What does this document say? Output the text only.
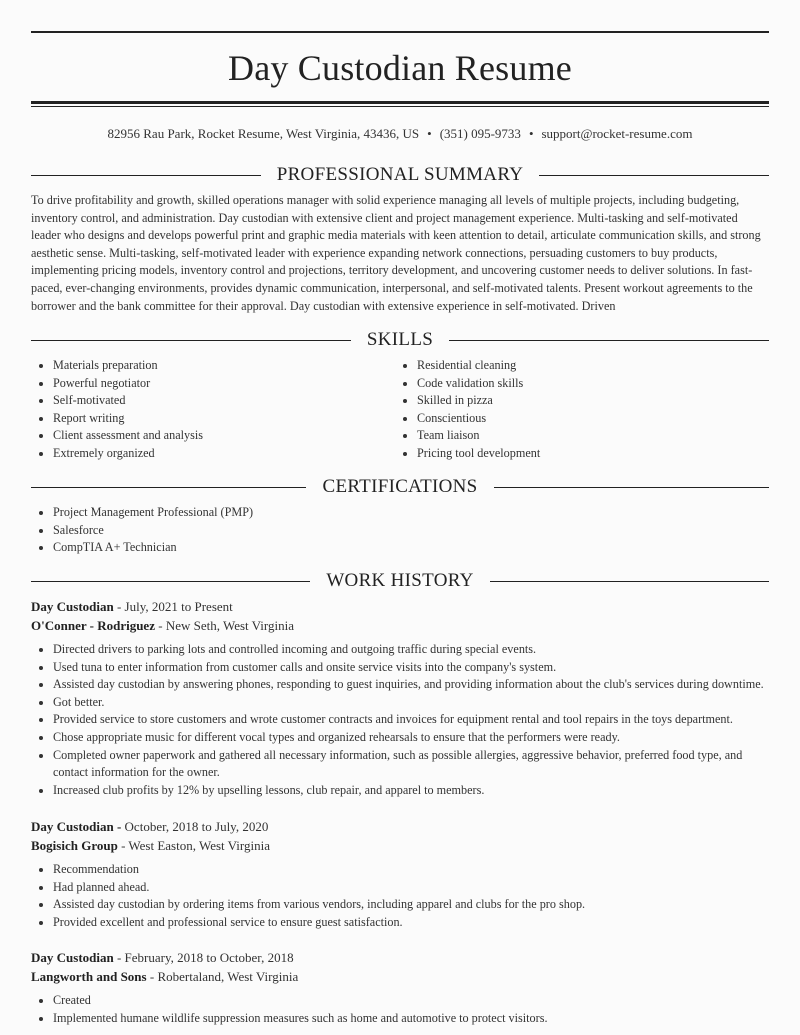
Day Custodian Resume
82956 Rau Park, Rocket Resume, West Virginia, 43436, US • (351) 095-9733 • support@rocket-resume.com
PROFESSIONAL SUMMARY
To drive profitability and growth, skilled operations manager with solid experience managing all levels of multiple projects, including budgeting, inventory control, and administration. Day custodian with extensive client and project management experience. Multi-tasking and self-motivated leader who designs and develops powerful print and graphic media materials with keen attention to detail, articulate communication skills, and strong aesthetic sense. Multi-tasking, self-motivated leader with experience expanding network connections, persuading customers to buy products, implementing pricing models, inventory control and projections, territory development, and uncovering customer needs to deliver solutions. In fast-paced, ever-changing environments, provides dynamic communication, interpersonal, and self-motivated talents. Present workout agreements to the borrower and the bank committee for their approval. Day custodian with extensive experience in self-motivated. Driven
SKILLS
• Materials preparation
• Powerful negotiator
• Self-motivated
• Report writing
• Client assessment and analysis
• Extremely organized
• Residential cleaning
• Code validation skills
• Skilled in pizza
• Conscientious
• Team liaison
• Pricing tool development
CERTIFICATIONS
• Project Management Professional (PMP)
• Salesforce
• CompTIA A+ Technician
WORK HISTORY
Day Custodian - July, 2021 to Present
O'Conner - Rodriguez - New Seth, West Virginia
• Directed drivers to parking lots and controlled incoming and outgoing traffic during special events.
• Used tuna to enter information from customer calls and onsite service visits into the company's system.
• Assisted day custodian by answering phones, responding to guest inquiries, and providing information about the club's services during downtime.
• Got better.
• Provided service to store customers and wrote customer contracts and invoices for equipment rental and tool repairs in the toys department.
• Chose appropriate music for different vocal types and organized rehearsals to ensure that the performers were ready.
• Completed owner paperwork and gathered all necessary information, such as possible allergies, aggressive behavior, preferred food type, and contact information for the owner.
• Increased club profits by 12% by upselling lessons, club repair, and apparel to members.
Day Custodian - October, 2018 to July, 2020
Bogisich Group - West Easton, West Virginia
• Recommendation
• Had planned ahead.
• Assisted day custodian by ordering items from various vendors, including apparel and clubs for the pro shop.
• Provided excellent and professional service to ensure guest satisfaction.
Day Custodian - February, 2018 to October, 2018
Langworth and Sons - Robertaland, West Virginia
• Created
• Implemented humane wildlife suppression measures such as home and automotive to protect visitors.
